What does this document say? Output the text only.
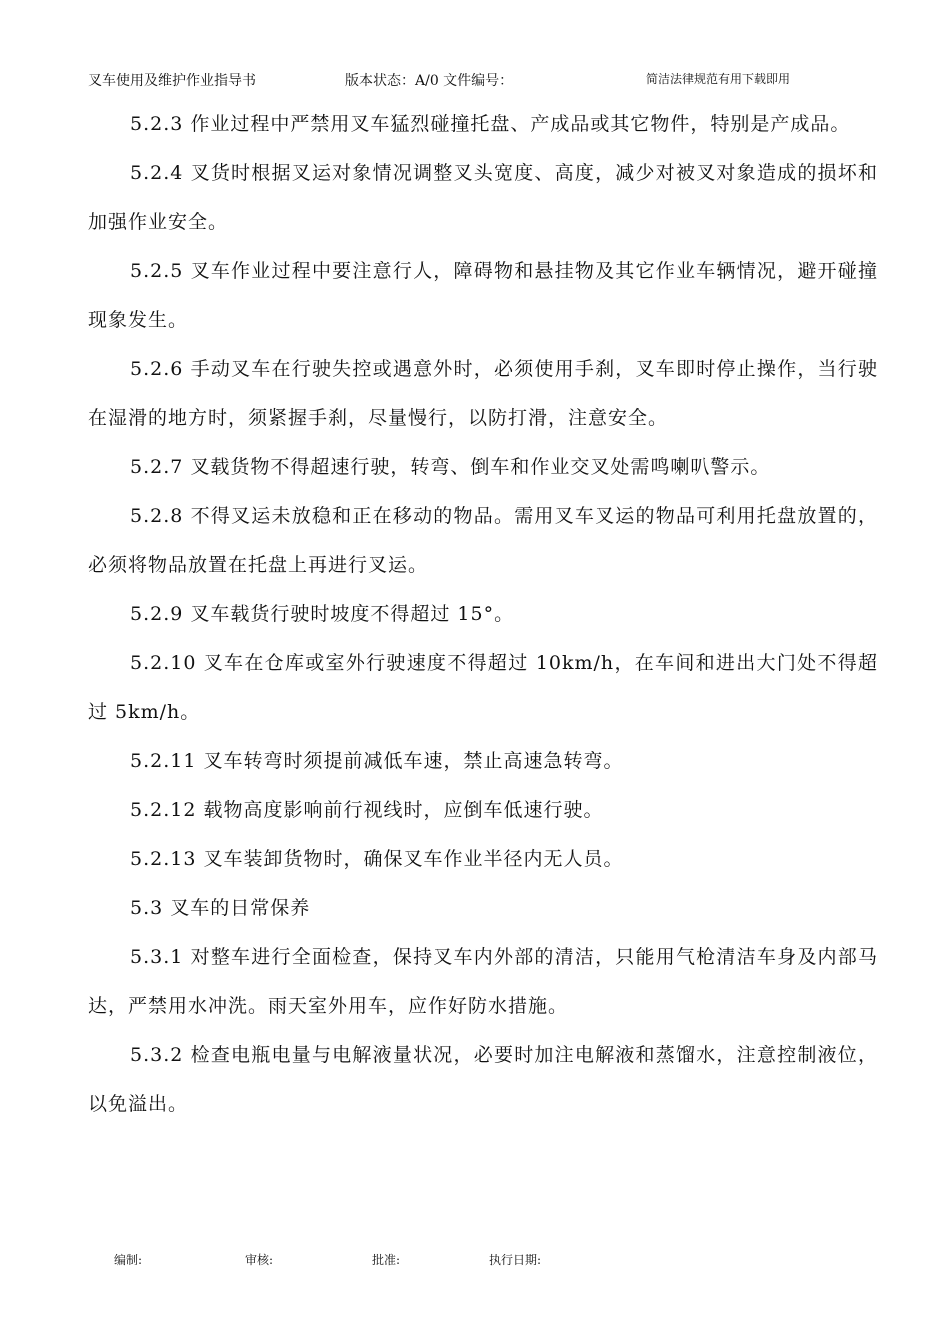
叉车使用及维护作业指导书	版本状态：A/0 文件编号：	简洁法律规范有用下载即用

5.2.3 作业过程中严禁用叉车猛烈碰撞托盘、产成品或其它物件，特别是产成品。

5.2.4 叉货时根据叉运对象情况调整叉头宽度、高度，减少对被叉对象造成的损坏和加强作业安全。

5.2.5 叉车作业过程中要注意行人，障碍物和悬挂物及其它作业车辆情况，避开碰撞现象发生。

5.2.6 手动叉车在行驶失控或遇意外时，必须使用手刹，叉车即时停止操作，当行驶在湿滑的地方时，须紧握手刹，尽量慢行，以防打滑，注意安全。

5.2.7 叉载货物不得超速行驶，转弯、倒车和作业交叉处需鸣喇叭警示。

5.2.8 不得叉运未放稳和正在移动的物品。需用叉车叉运的物品可利用托盘放置的，必须将物品放置在托盘上再进行叉运。

5.2.9 叉车载货行驶时坡度不得超过 15°。

5.2.10 叉车在仓库或室外行驶速度不得超过 10km/h，在车间和进出大门处不得超过 5km/h。

5.2.11 叉车转弯时须提前减低车速，禁止高速急转弯。

5.2.12 载物高度影响前行视线时，应倒车低速行驶。

5.2.13 叉车装卸货物时，确保叉车作业半径内无人员。

5.3 叉车的日常保养

5.3.1 对整车进行全面检查，保持叉车内外部的清洁，只能用气枪清洁车身及内部马达，严禁用水冲洗。雨天室外用车，应作好防水措施。

5.3.2 检查电瓶电量与电解液量状况，必要时加注电解液和蒸馏水，注意控制液位，以免溢出。

编制:	审核:	批准:	执行日期:
